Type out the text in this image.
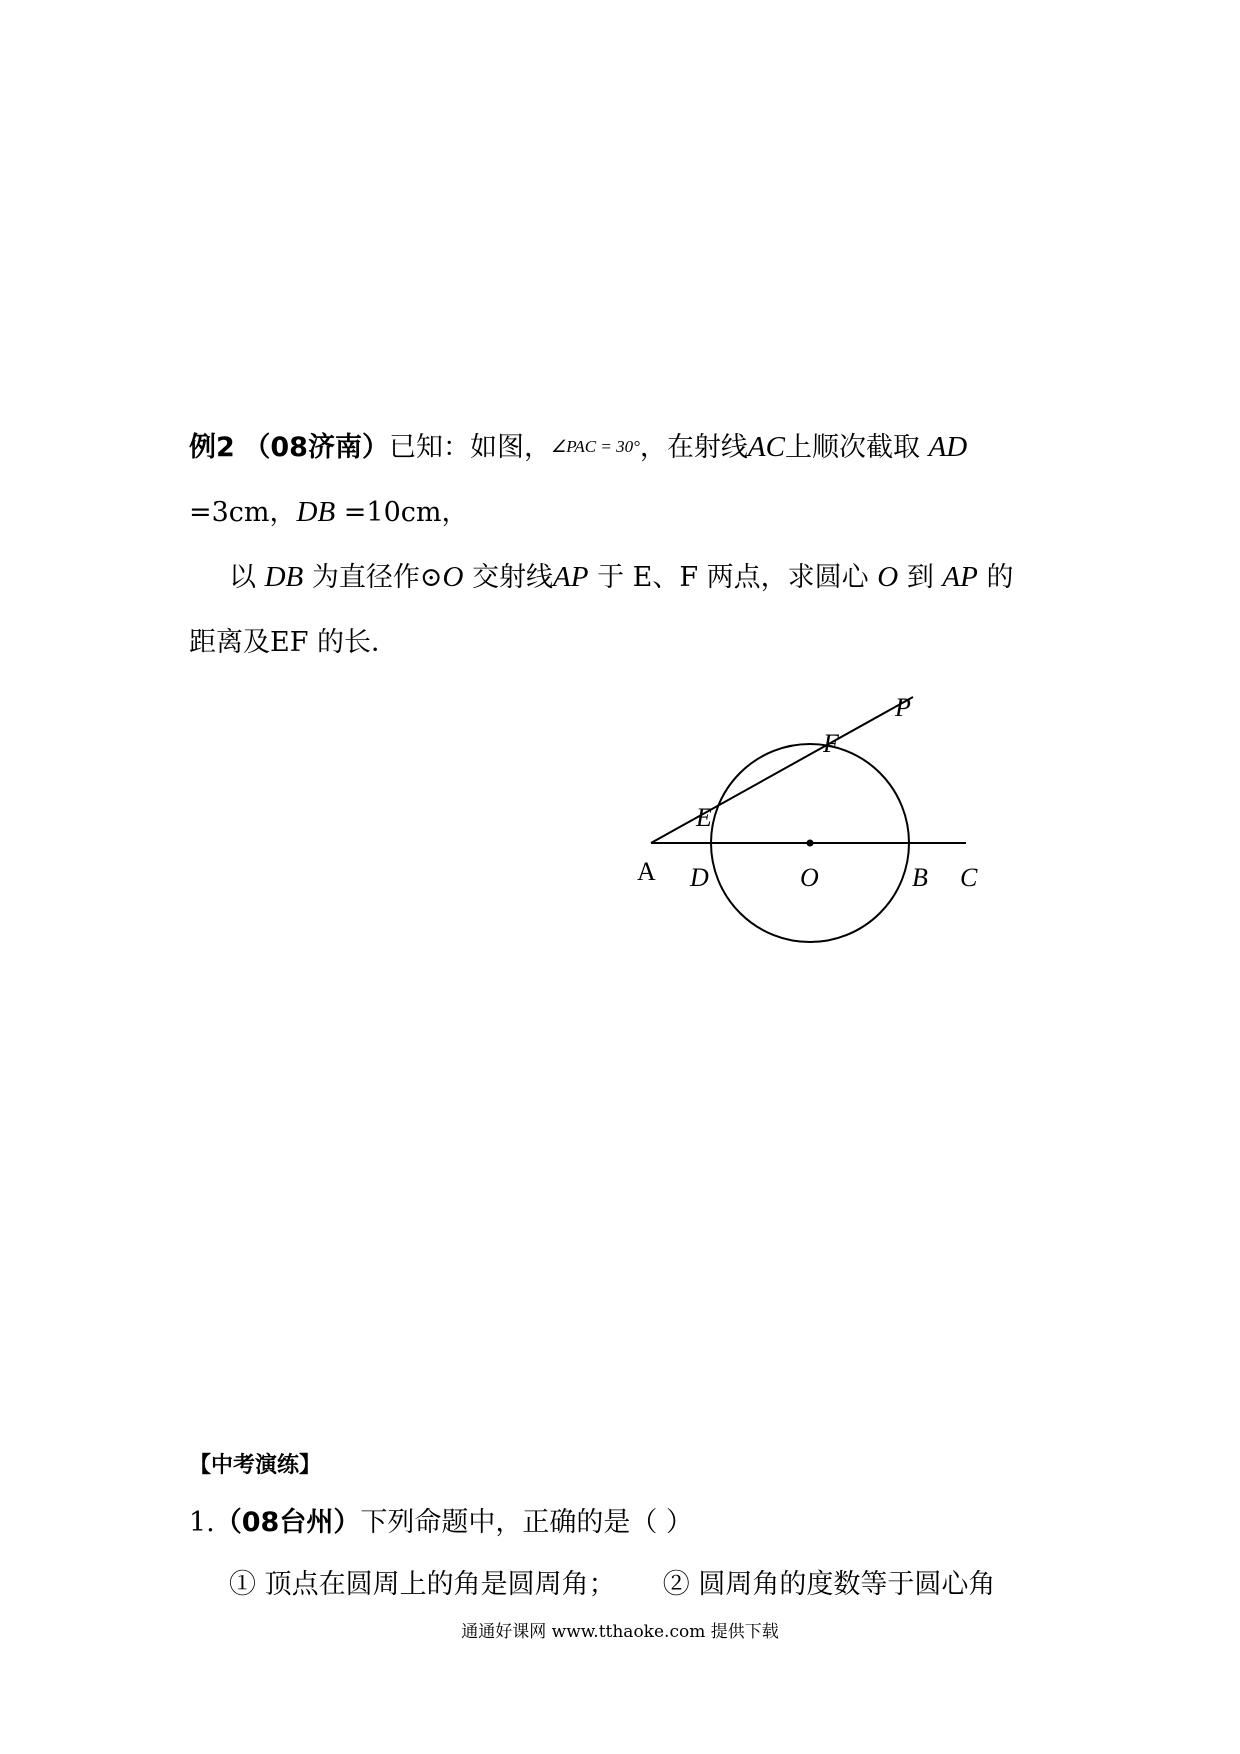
例2 （08济南）已知：如图，∠PAC = 30°，在射线AC上顺次截取 AD
=3cm，DB =10cm，
以 DB 为直径作⊙O 交射线AP 于 E、F 两点，求圆心 O 到 AP 的
距离及EF 的长．
P
F
E
A D	O	B C
【中考演练】
1.（08台州）下列命题中，正确的是（ ）
① 顶点在圆周上的角是圆周角； ② 圆周角的度数等于圆心角
通通好课网 www.tthaoke.com 提供下载
